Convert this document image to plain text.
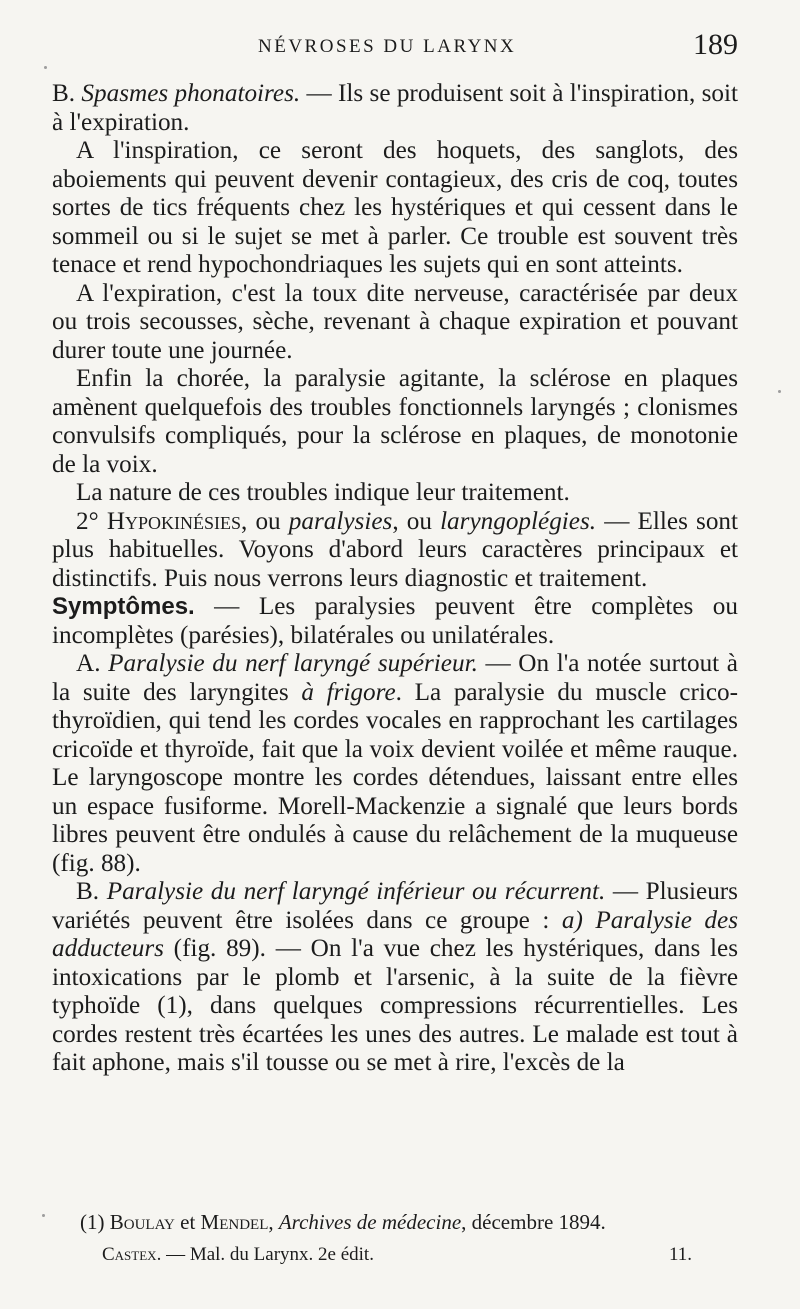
NÉVROSES DU LARYNX	189

B. Spasmes phonatoires. — Ils se produisent soit à l'inspiration, soit à l'expiration.

A l'inspiration, ce seront des hoquets, des sanglots, des aboiements qui peuvent devenir contagieux, des cris de coq, toutes sortes de tics fréquents chez les hystériques et qui cessent dans le sommeil ou si le sujet se met à parler. Ce trouble est souvent très tenace et rend hypochondriaques les sujets qui en sont atteints.

A l'expiration, c'est la toux dite nerveuse, caractérisée par deux ou trois secousses, sèche, revenant à chaque expiration et pouvant durer toute une journée.

Enfin la chorée, la paralysie agitante, la sclérose en plaques amènent quelquefois des troubles fonctionnels laryngés ; clonismes convulsifs compliqués, pour la sclérose en plaques, de monotonie de la voix.

La nature de ces troubles indique leur traitement.

2° Hypokinésies, ou paralysies, ou laryngoplégies. — Elles sont plus habituelles. Voyons d'abord leurs caractères principaux et distinctifs. Puis nous verrons leurs diagnostic et traitement.

Symptômes. — Les paralysies peuvent être complètes ou incomplètes (parésies), bilatérales ou unilatérales.

A. Paralysie du nerf laryngé supérieur. — On l'a notée surtout à la suite des laryngites à frigore. La paralysie du muscle crico-thyroïdien, qui tend les cordes vocales en rapprochant les cartilages cricoïde et thyroïde, fait que la voix devient voilée et même rauque. Le laryngoscope montre les cordes détendues, laissant entre elles un espace fusiforme. Morell-Mackenzie a signalé que leurs bords libres peuvent être ondulés à cause du relâchement de la muqueuse (fig. 88).

B. Paralysie du nerf laryngé inférieur ou récurrent. — Plusieurs variétés peuvent être isolées dans ce groupe : a) Paralysie des adducteurs (fig. 89). — On l'a vue chez les hystériques, dans les intoxications par le plomb et l'arsenic, à la suite de la fièvre typhoïde (1), dans quelques compressions récurrentielles. Les cordes restent très écartées les unes des autres. Le malade est tout à fait aphone, mais s'il tousse ou se met à rire, l'excès de la

(1) Boulay et Mendel, Archives de médecine, décembre 1894.
Castex. — Mal. du Larynx. 2e édit.	11.
